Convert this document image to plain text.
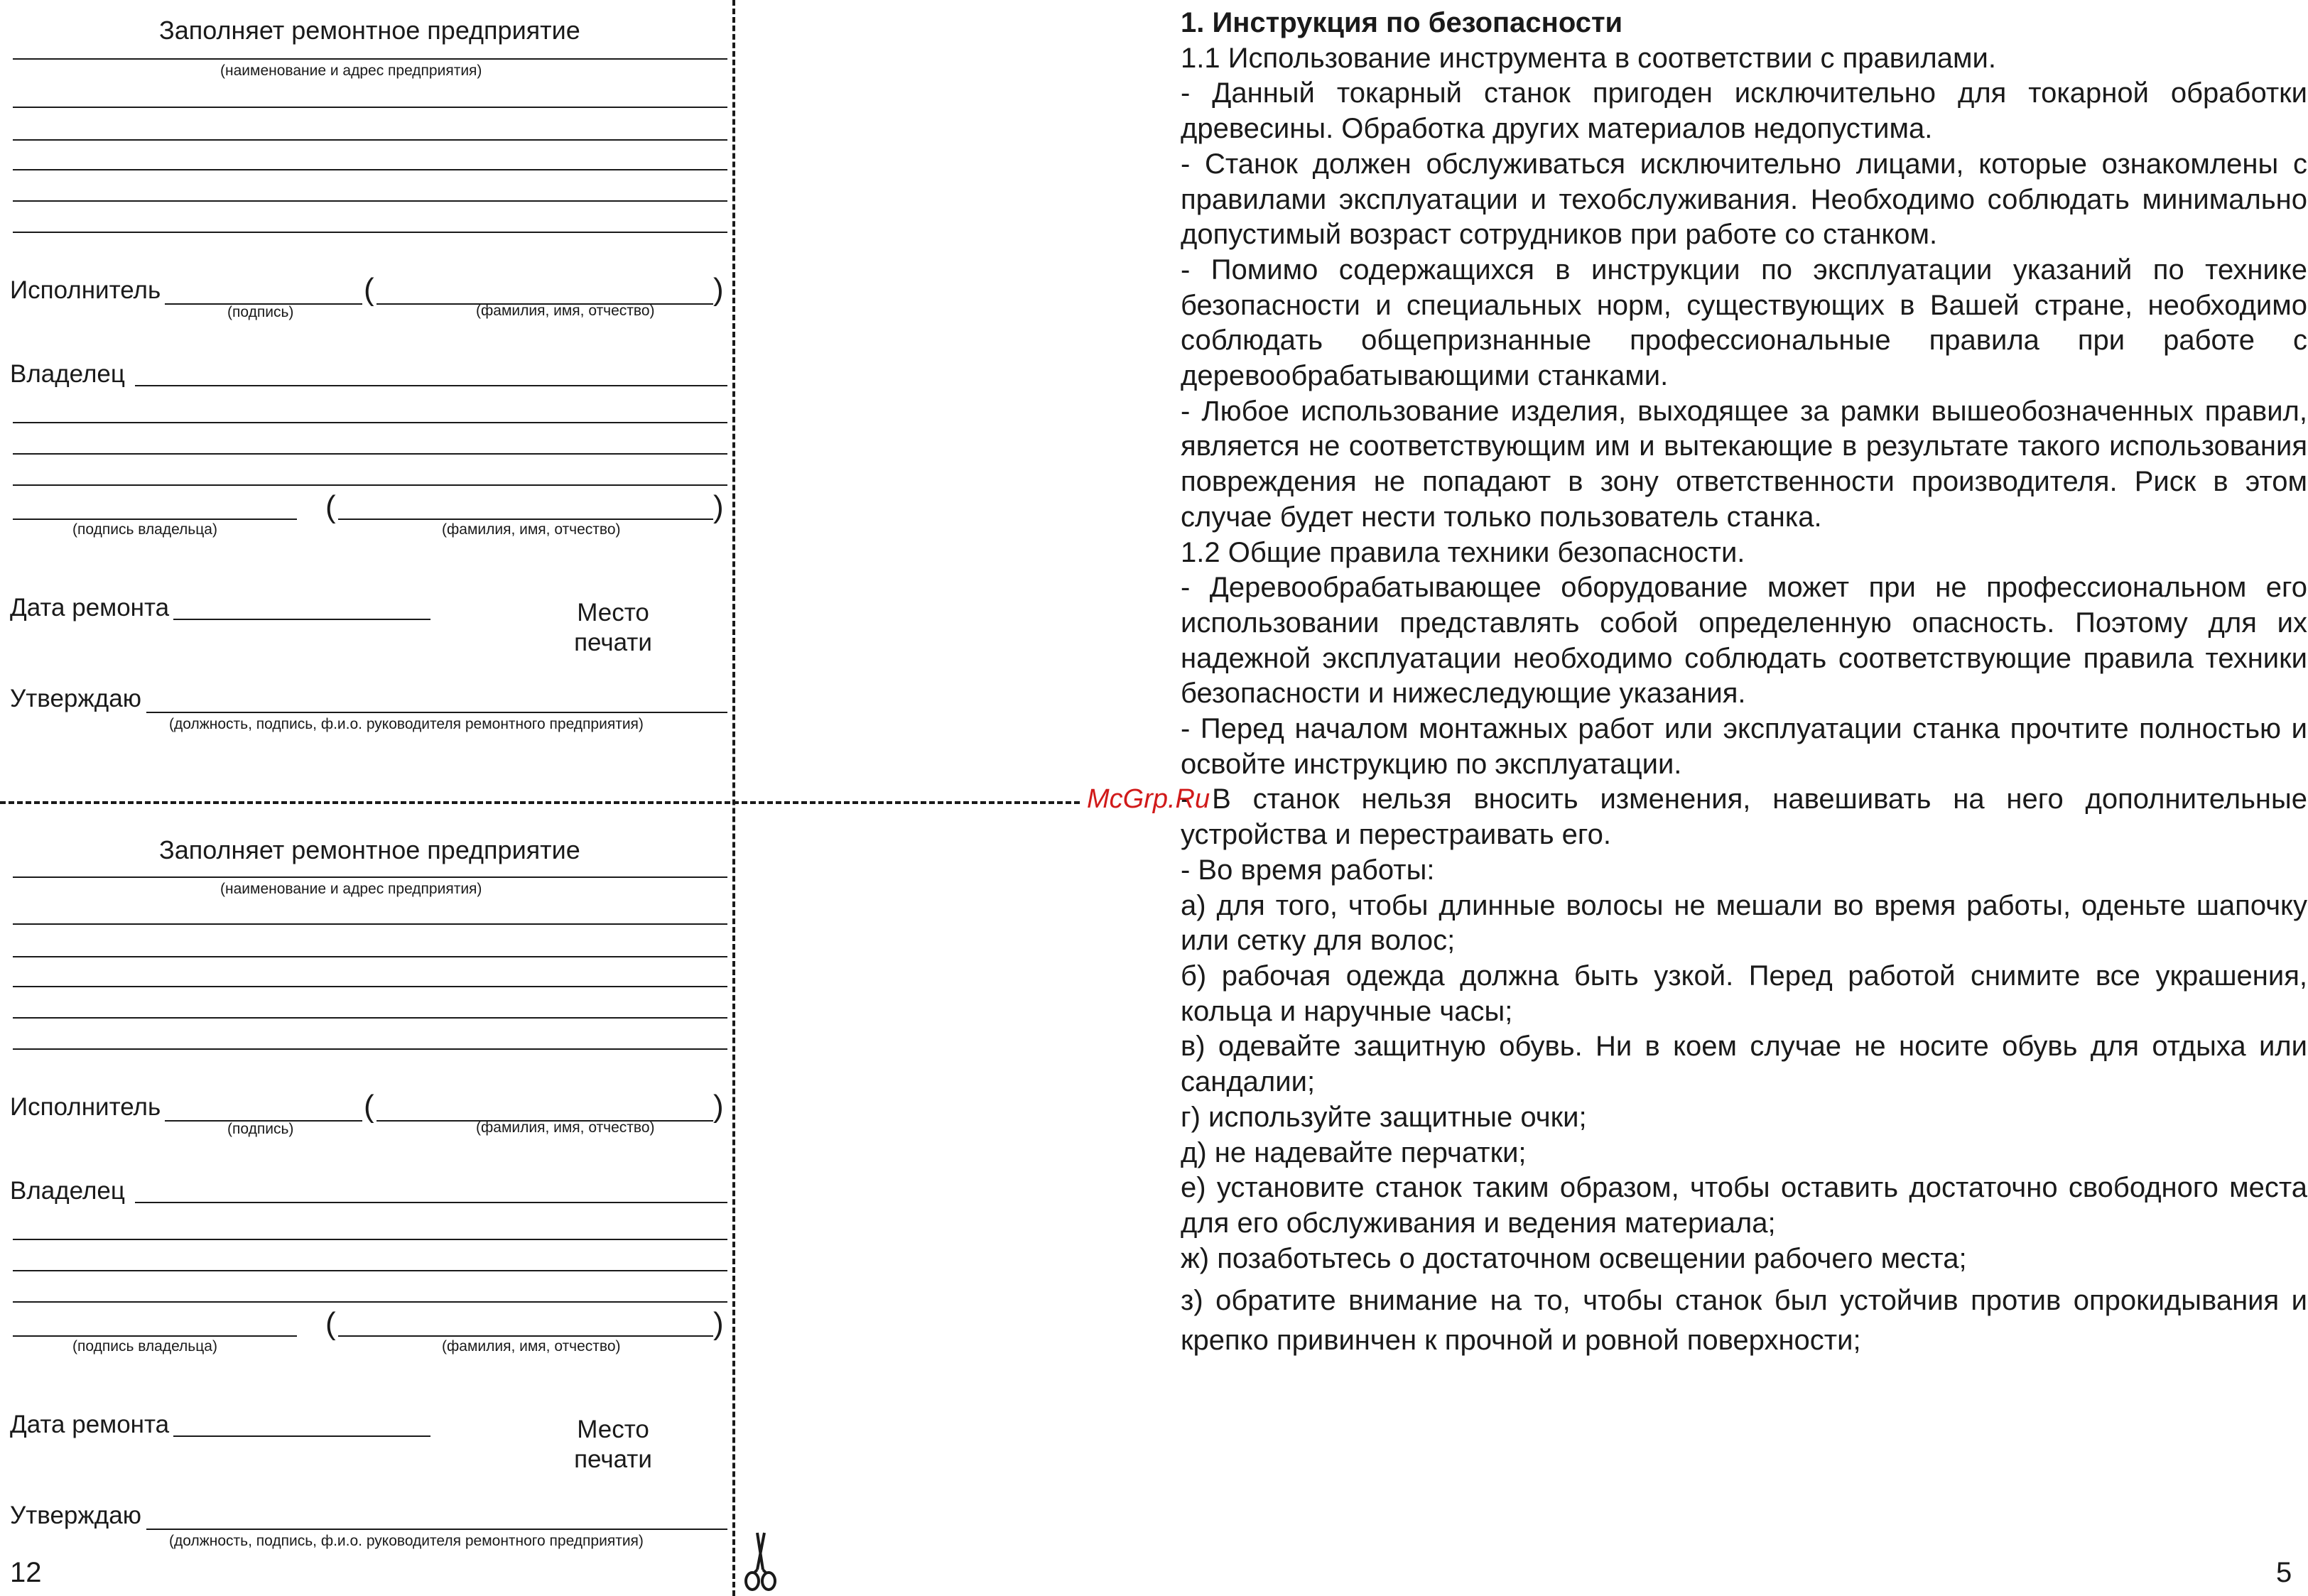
Заполняет ремонтное предприятие
(наименование и адрес предприятия)
Исполнитель	(	)
(подпись)	(фамилия, имя, отчество)
Владелец
(	)
(подпись владельца)	(фамилия, имя, отчество)
Дата ремонта	Место
печати
Утверждаю
(должность, подпись, ф.и.о. руководителя ремонтного предприятия)
Заполняет ремонтное предприятие
(наименование и адрес предприятия)
Исполнитель	(	)
(подпись)	(фамилия, имя, отчество)
Владелец
(	)
(подпись владельца)	(фамилия, имя, отчество)
Дата ремонта	Место
печати
Утверждаю
(должность, подпись, ф.и.о. руководителя ремонтного предприятия)
12	5
1. Инструкция по безопасности
1.1 Использование инструмента в соответствии с правилами.
- Данный токарный станок пригоден исключительно для токарной обработки древесины. Обработка других материалов недопустима.
- Станок должен обслуживаться исключительно лицами, которые ознакомлены с правилами эксплуатации и техобслуживания. Необходимо соблюдать минимально допустимый возраст сотрудников при работе со станком.
- Помимо содержащихся в инструкции по эксплуатации указаний по технике безопасности и специальных норм, существующих в Вашей стране, необходимо соблюдать общепризнанные профессиональные правила при работе с деревообрабатывающими станками.
- Любое использование изделия, выходящее за рамки вышеобозначенных правил, является не соответствующим им и вытекающие в результате такого использования повреждения не попадают в зону ответственности производителя. Риск в этом случае будет нести только пользователь станка.
1.2 Общие правила техники безопасности.
- Деревообрабатывающее оборудование может при не профессиональном его использовании представлять собой определенную опасность. Поэтому для их надежной эксплуатации необходимо соблюдать соответствующие правила техники безопасности и нижеследующие указания.
- Перед началом монтажных работ или эксплуатации станка прочтите полностью и освойте инструкцию по эксплуатации.
- В станок нельзя вносить изменения, навешивать на него дополнительные устройства и перестраивать его.
- Во время работы:
а) для того, чтобы длинные волосы не мешали во время работы, оденьте шапочку или сетку для волос;
б) рабочая одежда должна быть узкой. Перед работой снимите все украшения, кольца и наручные часы;
в) одевайте защитную обувь. Ни в коем случае не носите обувь для отдыха или сандалии;
г) используйте защитные очки;
д) не надевайте перчатки;
е) установите станок таким образом, чтобы оставить достаточно свободного места для его обслуживания и ведения материала;
ж) позаботьтесь о достаточном освещении рабочего места;
з) обратите внимание на то, чтобы станок был устойчив против опрокидывания и крепко привинчен к прочной и ровной поверхности;
McGrp.Ru
